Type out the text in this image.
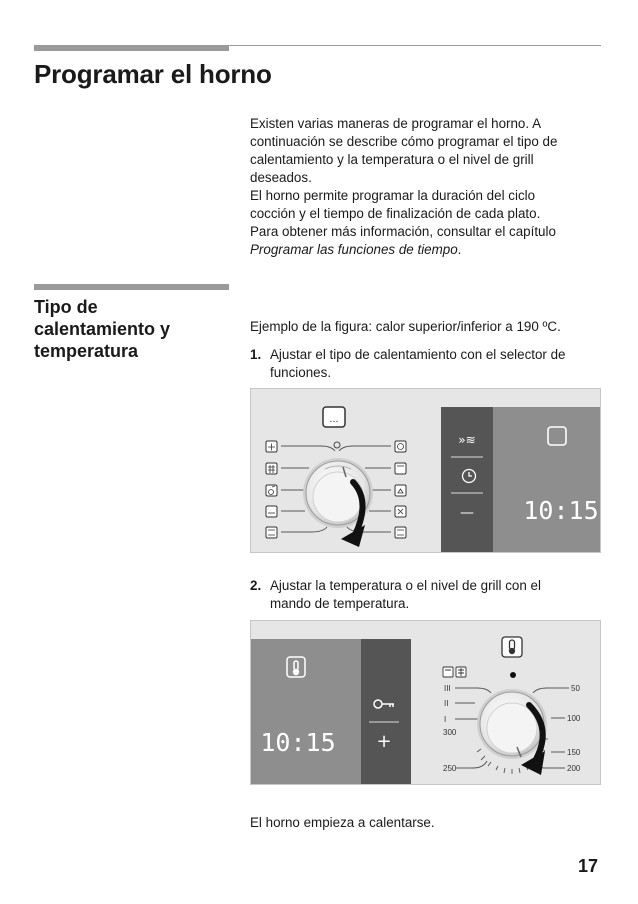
Programar el horno

Existen varias maneras de programar el horno. A

continuación se describe cómo programar el tipo de

calentamiento y la temperatura o el nivel de grill

deseados.

El horno permite programar la duración del ciclo

cocción y el tiempo de finalización de cada plato.

Para obtener más información, consultar el capítulo

Programar las funciones de tiempo.

Tipo de
calentamiento y
temperatura
Ejemplo de la figura: calor superior/inferior a 190 ºC.
1. Ajustar el tipo de calentamiento con el selector de
funciones.
...
»≋
— 10:15
2. Ajustar la temperatura o el nivel de grill con el
mando de temperatura.
10:15 +
III
II
I
300
250
50
100
150
200
El horno empieza a calentarse.
17
